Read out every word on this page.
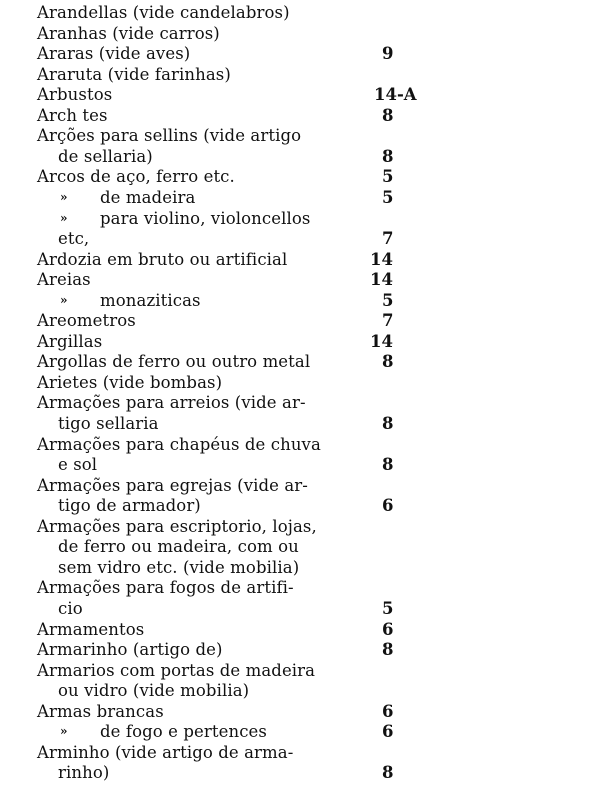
Arandellas (vide candelabros)
Aranhas (vide carros)
Araras (vide aves)	9
Araruta (vide farinhas)
Arbustos	14-A
Arch tes	8
Arções para sellins (vide artigo
de sellaria)	8
Arcos de aço, ferro etc.	5
» de madeira	5
» para violino, violoncellos
etc,	7
Ardozia em bruto ou artificial	14
Areias	14
» monaziticas	5
Areometros	7
Argillas	14
Argollas de ferro ou outro metal	8
Arietes (vide bombas)
Armações para arreios (vide ar-
tigo sellaria	8
Armações para chapéus de chuva
e sol	8
Armações para egrejas (vide ar-
tigo de armador)	6
Armações para escriptorio, lojas,
de ferro ou madeira, com ou
sem vidro etc. (vide mobilia)
Armações para fogos de artifi-
cio	5
Armamentos	6
Armarinho (artigo de)	8
Armarios com portas de madeira
ou vidro (vide mobilia)
Armas brancas	6
» de fogo e pertences	6
Arminho (vide artigo de arma-
rinho)	8
